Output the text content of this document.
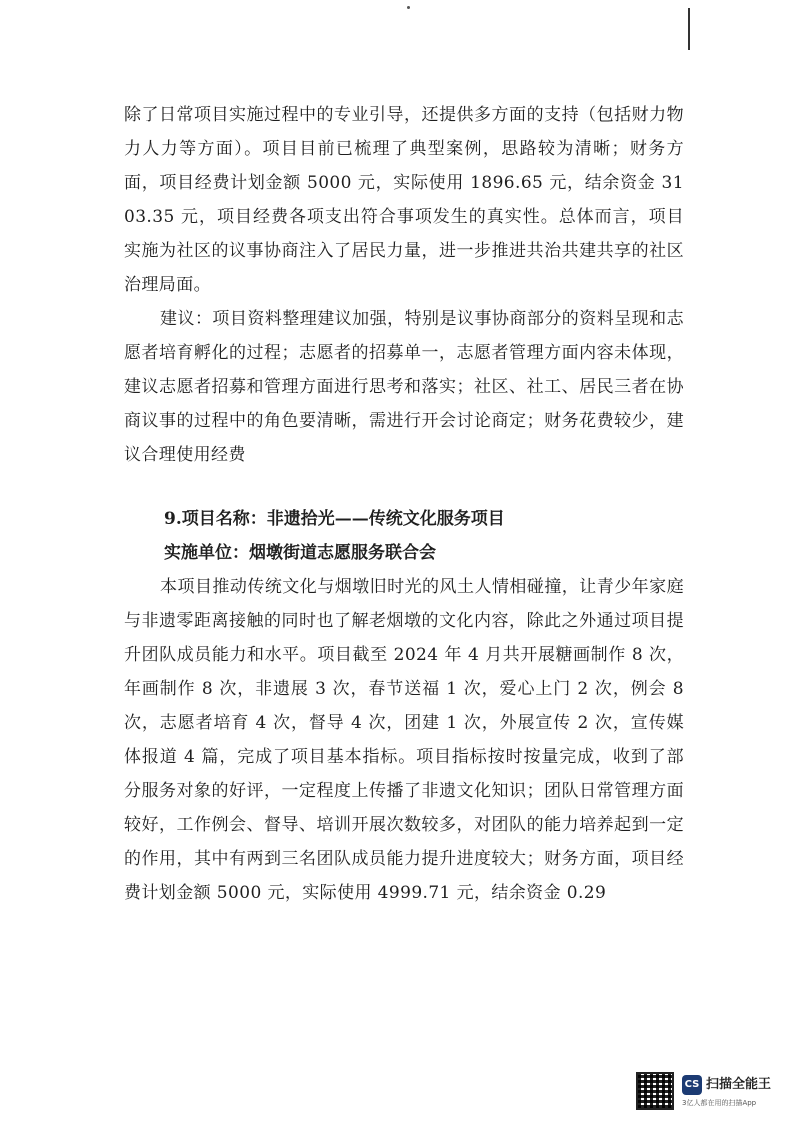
除了日常项目实施过程中的专业引导，还提供多方面的支持（包括财力物力人力等方面）。项目目前已梳理了典型案例，思路较为清晰；财务方面，项目经费计划金额 5000 元，实际使用 1896.65 元，结余资金 3103.35 元，项目经费各项支出符合事项发生的真实性。总体而言，项目实施为社区的议事协商注入了居民力量，进一步推进共治共建共享的社区治理局面。

建议：项目资料整理建议加强，特别是议事协商部分的资料呈现和志愿者培育孵化的过程；志愿者的招募单一，志愿者管理方面内容未体现，建议志愿者招募和管理方面进行思考和落实；社区、社工、居民三者在协商议事的过程中的角色要清晰，需进行开会讨论商定；财务花费较少，建议合理使用经费

9.项目名称：非遗拾光——传统文化服务项目

实施单位：烟墩街道志愿服务联合会

本项目推动传统文化与烟墩旧时光的风土人情相碰撞，让青少年家庭与非遗零距离接触的同时也了解老烟墩的文化内容，除此之外通过项目提升团队成员能力和水平。项目截至 2024 年 4 月共开展糖画制作 8 次，年画制作 8 次，非遗展 3 次，春节送福 1 次，爱心上门 2 次，例会 8 次，志愿者培育 4 次，督导 4 次，团建 1 次，外展宣传 2 次，宣传媒体报道 4 篇，完成了项目基本指标。项目指标按时按量完成，收到了部分服务对象的好评，一定程度上传播了非遗文化知识；团队日常管理方面较好，工作例会、督导、培训开展次数较多，对团队的能力培养起到一定的作用，其中有两到三名团队成员能力提升进度较大；财务方面，项目经费计划金额 5000 元，实际使用 4999.71 元，结余资金 0.29

CS 扫描全能王
3亿人都在用的扫描App
